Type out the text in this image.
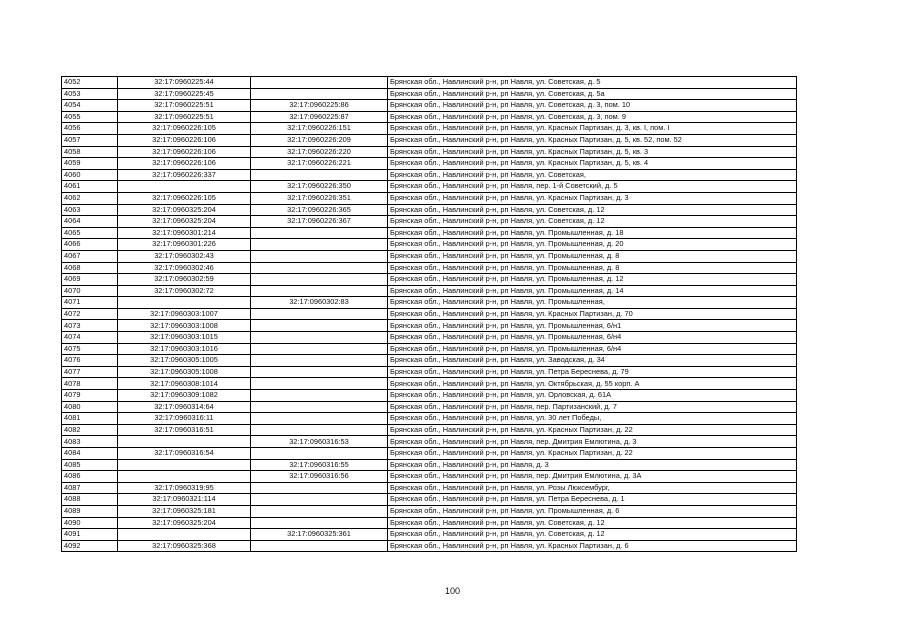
4052	32:17:0960225:44		Брянская обл., Навлинский р-н, рп Навля, ул. Советская, д. 5
4053	32:17:0960225:45		Брянская обл., Навлинский р-н, рп Навля, ул. Советская, д. 5а
4054	32:17:0960225:51	32:17:0960225:86	Брянская обл., Навлинский р-н, рп Навля, ул. Советская, д. 3, пом. 10
4055	32:17:0960225:51	32:17:0960225:87	Брянская обл., Навлинский р-н, рп Навля, ул. Советская, д. 3, пом. 9
4056	32:17:0960226:105	32:17:0960226:151	Брянская обл., Навлинский р-н, рп Навля, ул. Красных Партизан, д. 3, кв. I, пом. I
4057	32:17:0960226:106	32:17:0960226:209	Брянская обл., Навлинский р-н, рп Навля, ул. Красных Партизан, д. 5, кв. 52, пом. 52
4058	32:17:0960226:106	32:17:0960226:220	Брянская обл., Навлинский р-н, рп Навля, ул. Красных Партизан, д. 5, кв. 3
4059	32:17:0960226:106	32:17:0960226:221	Брянская обл., Навлинский р-н, рп Навля, ул. Красных Партизан, д. 5, кв. 4
4060	32:17:0960226:337		Брянская обл., Навлинский р-н, рп Навля, ул. Советская,
4061		32:17:0960226:350	Брянская обл., Навлинский р-н, рп Навля, пер. 1-й Советский, д. 5
4062	32:17:0960226:105	32:17:0960226:351	Брянская обл., Навлинский р-н, рп Навля, ул. Красных Партизан, д. 3
4063	32:17:0960325:204	32:17:0960226:365	Брянская обл., Навлинский р-н, рп Навля, ул. Советская, д. 12
4064	32:17:0960325:204	32:17:0960226:367	Брянская обл., Навлинский р-н, рп Навля, ул. Советская, д. 12
4065	32:17:0960301:214		Брянская обл., Навлинский р-н, рп Навля, ул. Промышленная, д. 18
4066	32:17:0960301:226		Брянская обл., Навлинский р-н, рп Навля, ул. Промышленная, д. 20
4067	32:17:0960302:43		Брянская обл., Навлинский р-н, рп Навля, ул. Промышленная, д. 8
4068	32:17:0960302:46		Брянская обл., Навлинский р-н, рп Навля, ул. Промышленная, д. 8
4069	32:17:0960302:59		Брянская обл., Навлинский р-н, рп Навля, ул. Промышленная, д. 12
4070	32:17:0960302:72		Брянская обл., Навлинский р-н, рп Навля, ул. Промышленная, д. 14
4071		32:17:0960302:83	Брянская обл., Навлинский р-н, рп Навля, ул. Промышленная,
4072	32:17:0960303:1007		Брянская обл., Навлинский р-н, рп Навля, ул. Красных Партизан, д. 70
4073	32:17:0960303:1008		Брянская обл., Навлинский р-н, рп Навля, ул. Промышленная, 6/н1
4074	32:17:0960303:1015		Брянская обл., Навлинский р-н, рп Навля, ул. Промышленная, 6/н4
4075	32:17:0960303:1016		Брянская обл., Навлинский р-н, рп Навля, ул. Промышленная, 6/н4
4076	32:17:0960305:1005		Брянская обл., Навлинский р-н, рп Навля, ул. Заводская, д. 34
4077	32:17:0960305:1008		Брянская обл., Навлинский р-н, рп Навля, ул. Петра Береснева, д. 79
4078	32:17:0960308:1014		Брянская обл., Навлинский р-н, рп Навля, ул. Октябрьская, д. 55 корп. А
4079	32:17:0960309:1082		Брянская обл., Навлинский р-н, рп Навля, ул. Орловская, д. 61А
4080	32:17:0960314:64		Брянская обл., Навлинский р-н, рп Навля, пер. Партизанский, д. 7
4081	32:17:0960316:11		Брянская обл., Навлинский р-н, рп Навля, ул. 30 лет Победы,
4082	32:17:0960316:51		Брянская обл., Навлинский р-н, рп Навля, ул. Красных Партизан, д. 22
4083		32:17:0960316:53	Брянская обл., Навлинский р-н, рп Навля, пер. Дмитрия Емлютина, д. 3
4084	32:17:0960316:54		Брянская обл., Навлинский р-н, рп Навля, ул. Красных Партизан, д. 22
4085		32:17:0960316:55	Брянская обл., Навлинский р-н, рп Навля, д. 3
4086		32:17:0960316:56	Брянская обл., Навлинский р-н, рп Навля, пер. Дмитрия Емлютина, д. 3А
4087	32:17:0960319:95		Брянская обл., Навлинский р-н, рп Навля, ул. Розы Люксембург,
4088	32:17:0960321:114		Брянская обл., Навлинский р-н, рп Навля, ул. Петра Береснева, д. 1
4089	32:17:0960325:181		Брянская обл., Навлинский р-н, рп Навля, ул. Промышленная, д. 6
4090	32:17:0960325:204		Брянская обл., Навлинский р-н, рп Навля, ул. Советская, д. 12
4091		32:17:0960325:361	Брянская обл., Навлинский р-н, рп Навля, ул. Советская, д. 12
4092	32:17:0960325:368		Брянская обл., Навлинский р-н, рп Навля, ул. Красных Партизан, д. 6
100
